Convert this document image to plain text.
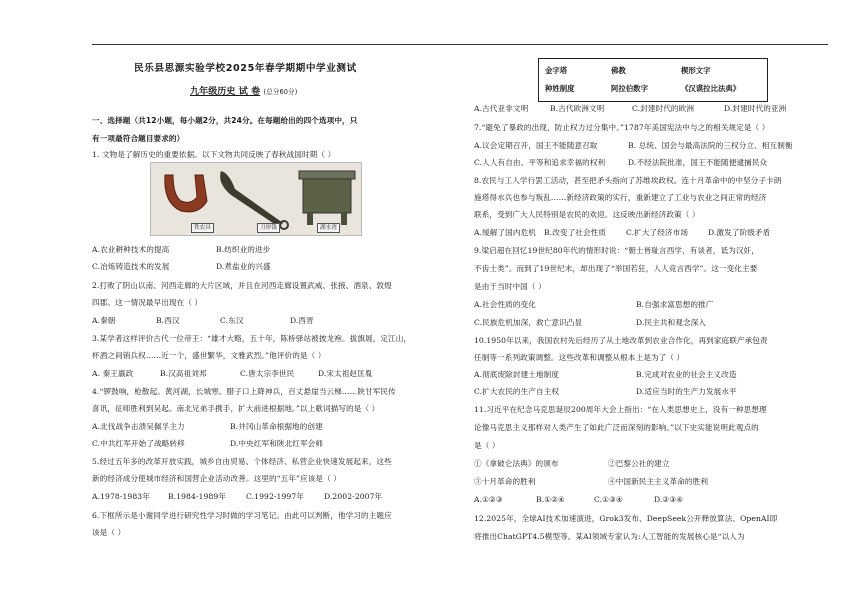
民乐县思源实验学校2025年春学期期中学业测试
九年级历史 试 卷 (总分60分)
一、选择题（共12小题，每小题2分，共24分。在每题给出的四个选项中，只
有一项最符合题目要求的）
1. 文物是了解历史的重要依据。以下文物共同反映了春秋战国时期（ ）
铁农具	刀形钱	湖水湾
A.农业耕种技术的提高	B.纺织业的进步
C.冶炼铸造技术的发展	D.煮盐业的兴盛
2.打败了阴山以南、河西走廊的大片区域，并且在河西走廊设置武威、张掖、酒泉、敦煌
四郡。这一情况最早出现在（ ）
A.秦朝	B.西汉	C.东汉	D.西晋
3.某学者这样评价古代一位帝王：“雄才大略，五十年，陈桥驿站被披龙袍。拔旗展，定江山，
杯酒之间销兵权……近一个，盛世繁华，文雅武烈。”他评价的是（ ）
A. 秦王嬴政	B.汉高祖刘邦	C.唐太宗李世民	D.宋太祖赵匡胤
4.“锣鼓响，枪散起。黄河湖，长城寒。腊子口上降神兵，百丈悬崖当云梯……陕甘军民传
喜讯，征师胜利到吴起。南北兄弟手携手，扩大前进根据地。”以上歌词描写的是（ ）
A.北伐战争击溃吴佩孚主力	B.井冈山革命根据地的创建
C.中共红军开始了战略转移	D.中央红军和陕北红军会师
5.经过五年多的改革开放实践，城乡自由贸易、个体经济、私营企业快速发展起来，这些
新的经济成分使城市经济和国营企业活动改善。这里的“五年”应该是（ ）
A.1978-1983年 B.1984-1989年	C.1992-1997年	D.2002-2007年
6.下框所示是小谢同学进行研究性学习时做的学习笔记。由此可以判断，他学习的主题应
该是（ ）
金字塔	佛教	楔形文字
种姓制度	阿拉伯数字	《汉谟拉比法典》
A.古代亚非文明	B.古代欧洲文明	C.封建时代的欧洲	D.封建时代的亚洲
7.“避免了暴政的出现，防止权力过分集中。”1787年美国宪法中与之的相关规定是（ ）
A.议会定期召开，国王不能随意召取	B. 总统、国会与最高法院的三权分立、相互制衡
C.人人有自由、平等和追求幸福的权利	D.不经法院批准，国王不能随便逮捕民众
8.农民与工人学行罢工活动，甚至把矛头指向了苏维埃政权。连十月革命中的中坚分子卡朗
施塔得水兵也参与叛乱……新经济政策的实行，重新建立了工业与农业之间正常的经济
联系，受到广大人民特别是农民的欢迎。这反映出新经济政策（ ）
A.缓解了国内危机 B.改变了社会性质	C.扩大了经济市场	D.激发了阶级矛盾
9.梁启超在回忆19世纪80年代的情形时说：“朝士皆耻言西学，有谈者，诋为汉奸，
不齿士类”。而到了19世纪末，却出现了“举国若狂，人人竞言西学”。这一变化主要
是由于当时中国（ ）
A.社会性质的变化	B.自强求富思想的推广
C.民族危机加深，救亡意识凸显	D.民主共和观念深入
10.1950年以来，我国农村先后经历了从土地改革到农业合作化，再到家庭联产承包责
任制等一系列政策调整。这些改革和调整从根本上是为了（ ）
A.彻底废除封建土地制度	B.完成对农业的社会主义改造
C.扩大农民的生产自主权	D.适应当时的生产力发展水平
11.习近平在纪念马克思诞辰200周年大会上指出：“在人类思想史上，没有一种思想理
论像马克思主义那样对人类产生了如此广泛而深刻的影响。”以下史实能说明此观点的
是（ ）
①《拿破仑法典》的颁布	②巴黎公社的建立
③十月革命的胜利	④中国新民主主义革命的胜利
A.①②③	B.①②④	C.①③④	D.②③④
12.2025年，全球AI技术加速演进，Grok3发布、DeepSeek公开释放算法、OpenAI即
将推出ChatGPT4.5模型等。某AI领域专家认为:人工智能的发展核心是“以人为
